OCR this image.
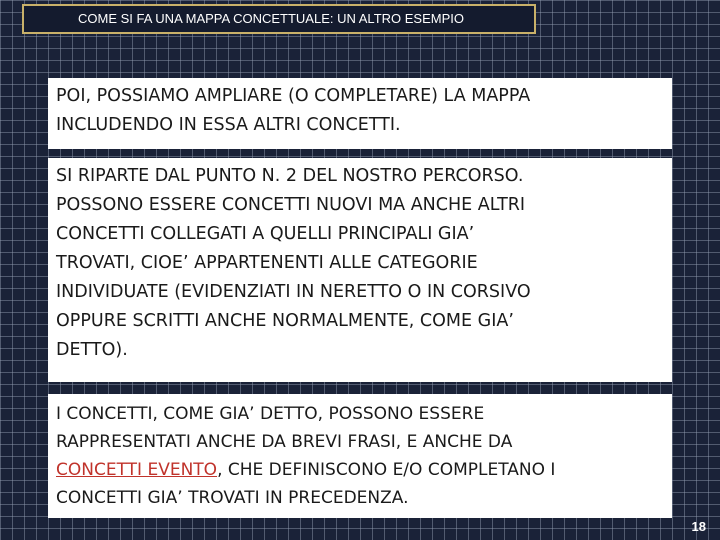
COME SI FA UNA MAPPA CONCETTUALE: UN ALTRO ESEMPIO

POI, POSSIAMO AMPLIARE (O COMPLETARE) LA MAPPA

INCLUDENDO IN ESSA ALTRI CONCETTI.

SI RIPARTE DAL PUNTO N. 2 DEL NOSTRO PERCORSO.

POSSONO ESSERE CONCETTI NUOVI MA ANCHE ALTRI

CONCETTI COLLEGATI A QUELLI PRINCIPALI GIA’

TROVATI, CIOE’ APPARTENENTI ALLE CATEGORIE

INDIVIDUATE (EVIDENZIATI IN NERETTO O IN CORSIVO

OPPURE SCRITTI ANCHE NORMALMENTE, COME GIA’

DETTO).

I CONCETTI, COME GIA’ DETTO, POSSONO ESSERE

RAPPRESENTATI ANCHE DA BREVI FRASI, E ANCHE DA

CONCETTI EVENTO, CHE DEFINISCONO E/O COMPLETANO I

CONCETTI GIA’ TROVATI IN PRECEDENZA.

18
